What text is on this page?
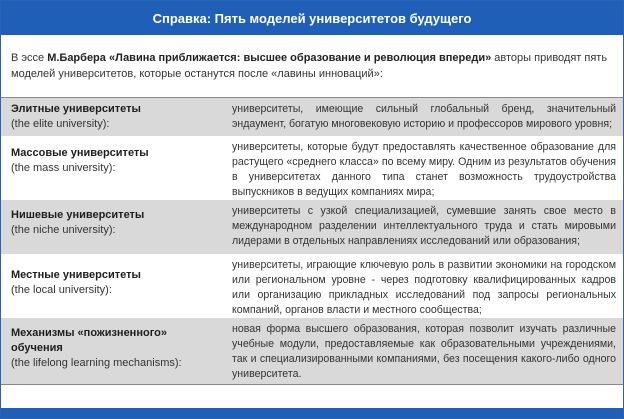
Справка: Пять моделей университетов будущего
В эссе М.Барбера «Лавина приближается: высшее образование и революция впереди» авторы приводят пять моделей университетов, которые останутся после «лавины инноваций»:
Элитные университеты
(the elite university):
университеты, имеющие сильный глобальный бренд, значительный эндаумент, богатую многовековую историю и профессоров мирового уровня;
Массовые университеты
(the mass university):
университеты, которые будут предоставлять качественное образование для растущего «среднего класса» по всему миру. Одним из результатов обучения в университетах данного типа станет возможность трудоустройства выпускников в ведущих компаниях мира;
Нишевые университеты
(the niche university):
университеты с узкой специализацией, сумевшие занять свое место в международном разделении интеллектуального труда и стать мировыми лидерами в отдельных направлениях исследований или образования;
Местные университеты
(the local university):
университеты, играющие ключевую роль в развитии экономики на городском или региональном уровне - через подготовку квалифицированных кадров или организацию прикладных исследований под запросы региональных компаний, органов власти и местного сообщества;
Механизмы «пожизненного» обучения
(the lifelong learning mechanisms):
новая форма высшего образования, которая позволит изучать различные учебные модули, предоставляемые как образовательными учреждениями, так и специализированными компаниями, без посещения какого-либо одного университета.
